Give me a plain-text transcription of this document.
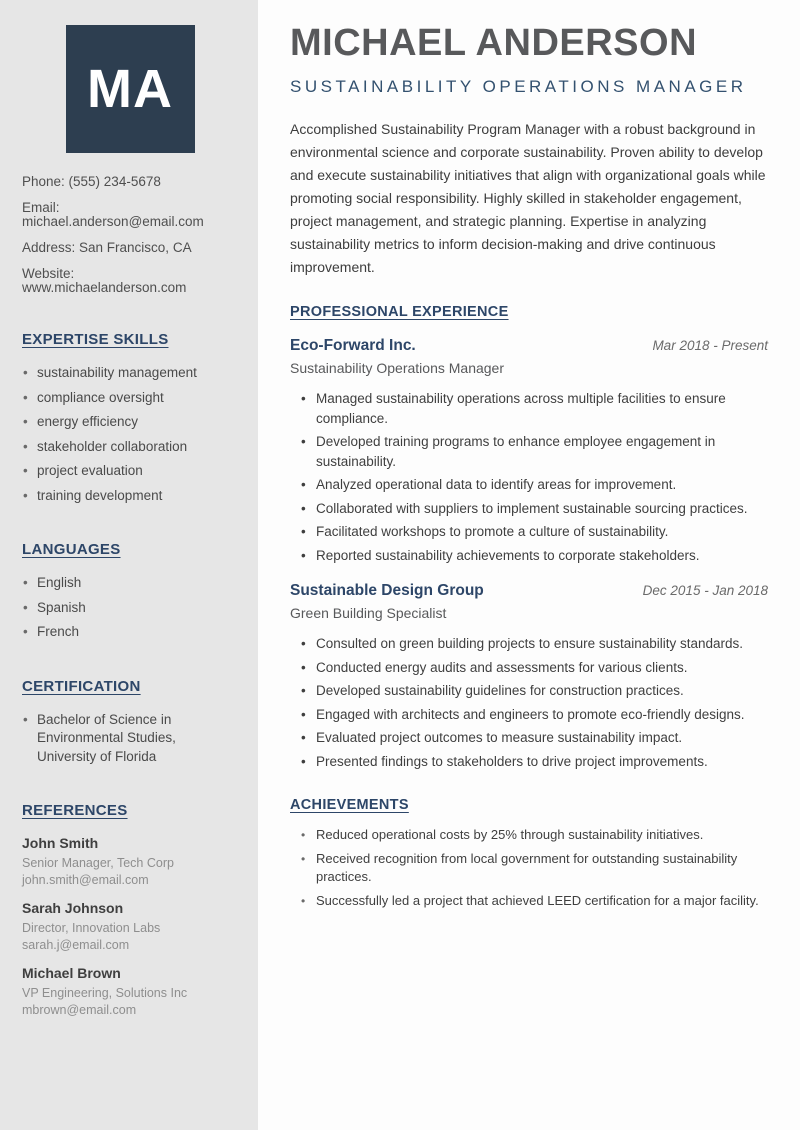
MA

Phone: (555) 234-5678

Email: michael.anderson@email.com

Address: San Francisco, CA

Website: www.michaelanderson.com

EXPERTISE SKILLS
• sustainability management
• compliance oversight
• energy efficiency
• stakeholder collaboration
• project evaluation
• training development
LANGUAGES
• English
• Spanish
• French
CERTIFICATION
• Bachelor of Science in Environmental Studies, University of Florida
REFERENCES
John Smith
Senior Manager, Tech Corp
john.smith@email.com
Sarah Johnson
Director, Innovation Labs
sarah.j@email.com
Michael Brown
VP Engineering, Solutions Inc
mbrown@email.com
MICHAEL ANDERSON
SUSTAINABILITY OPERATIONS MANAGER

Accomplished Sustainability Program Manager with a robust background in environmental science and corporate sustainability. Proven ability to develop and execute sustainability initiatives that align with organizational goals while promoting social responsibility. Highly skilled in stakeholder engagement, project management, and strategic planning. Expertise in analyzing sustainability metrics to inform decision-making and drive continuous improvement.

PROFESSIONAL EXPERIENCE
Eco-Forward Inc.	Mar 2018 - Present
Sustainability Operations Manager
• Managed sustainability operations across multiple facilities to ensure compliance.
• Developed training programs to enhance employee engagement in sustainability.
• Analyzed operational data to identify areas for improvement.
• Collaborated with suppliers to implement sustainable sourcing practices.
• Facilitated workshops to promote a culture of sustainability.
• Reported sustainability achievements to corporate stakeholders.
Sustainable Design Group	Dec 2015 - Jan 2018
Green Building Specialist
• Consulted on green building projects to ensure sustainability standards.
• Conducted energy audits and assessments for various clients.
• Developed sustainability guidelines for construction practices.
• Engaged with architects and engineers to promote eco-friendly designs.
• Evaluated project outcomes to measure sustainability impact.
• Presented findings to stakeholders to drive project improvements.
ACHIEVEMENTS
• Reduced operational costs by 25% through sustainability initiatives.
• Received recognition from local government for outstanding sustainability practices.
• Successfully led a project that achieved LEED certification for a major facility.
